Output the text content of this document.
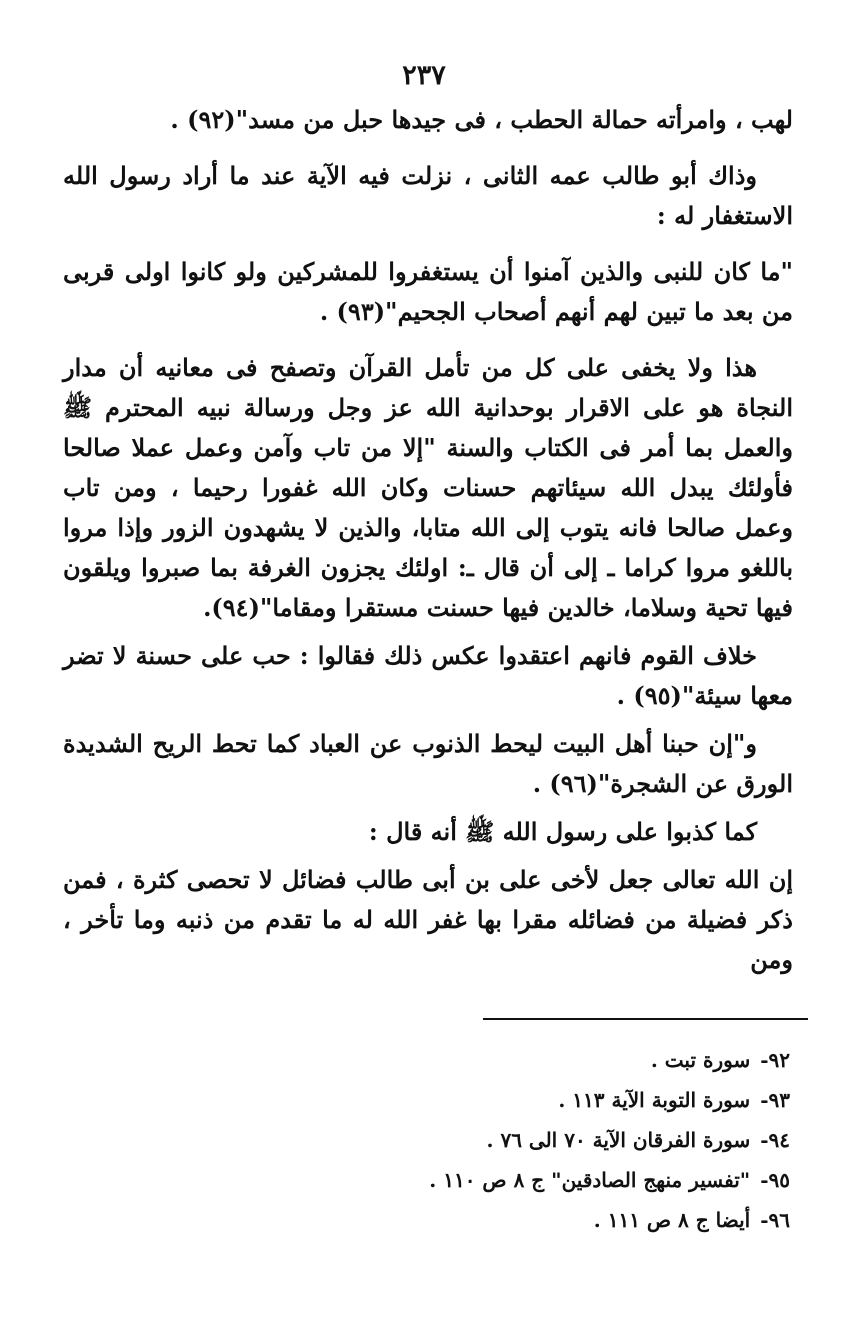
٢٣٧

لهب ، وامرأته حمالة الحطب ، فى جيدها حبل من مسد"(٩٢) .

وذاك أبو طالب عمه الثانى ، نزلت فيه الآية عند ما أراد رسول الله الاستغفار له :

"ما كان للنبى والذين آمنوا أن يستغفروا للمشركين ولو كانوا اولى قربى من بعد ما تبين لهم أنهم أصحاب الجحيم"(٩٣) .

هذا ولا يخفى على كل من تأمل القرآن وتصفح فى معانيه أن مدار النجاة هو على الاقرار بوحدانية الله عز وجل ورسالة نبيه المحترم ﷺ والعمل بما أمر فى الكتاب والسنة "إلا من تاب وآمن وعمل عملا صالحا فأولئك يبدل الله سيئاتهم حسنات وكان الله غفورا رحيما ، ومن تاب وعمل صالحا فانه يتوب إلى الله متابا، والذين لا يشهدون الزور وإذا مروا باللغو مروا كراما ـ إلى أن قال ـ: اولئك يجزون الغرفة بما صبروا ويلقون فيها تحية وسلاما، خالدين فيها حسنت مستقرا ومقاما"(٩٤).

خلاف القوم فانهم اعتقدوا عكس ذلك فقالوا : حب على حسنة لا تضر معها سيئة"(٩٥) .

و"إن حبنا أهل البيت ليحط الذنوب عن العباد كما تحط الريح الشديدة الورق عن الشجرة"(٩٦) .

كما كذبوا على رسول الله ﷺ أنه قال :

إن الله تعالى جعل لأخى على بن أبى طالب فضائل لا تحصى كثرة ، فمن ذكر فضيلة من فضائله مقرا بها غفر الله له ما تقدم من ذنبه وما تأخر ، ومن

٩٢-سورة تبت .
٩٣-سورة التوبة الآية ١١٣ .
٩٤-سورة الفرقان الآية ٧٠ الى ٧٦ .
٩٥-"تفسير منهج الصادقين" ج ٨ ص ١١٠ .
٩٦-أيضا ج ٨ ص ١١١ .
